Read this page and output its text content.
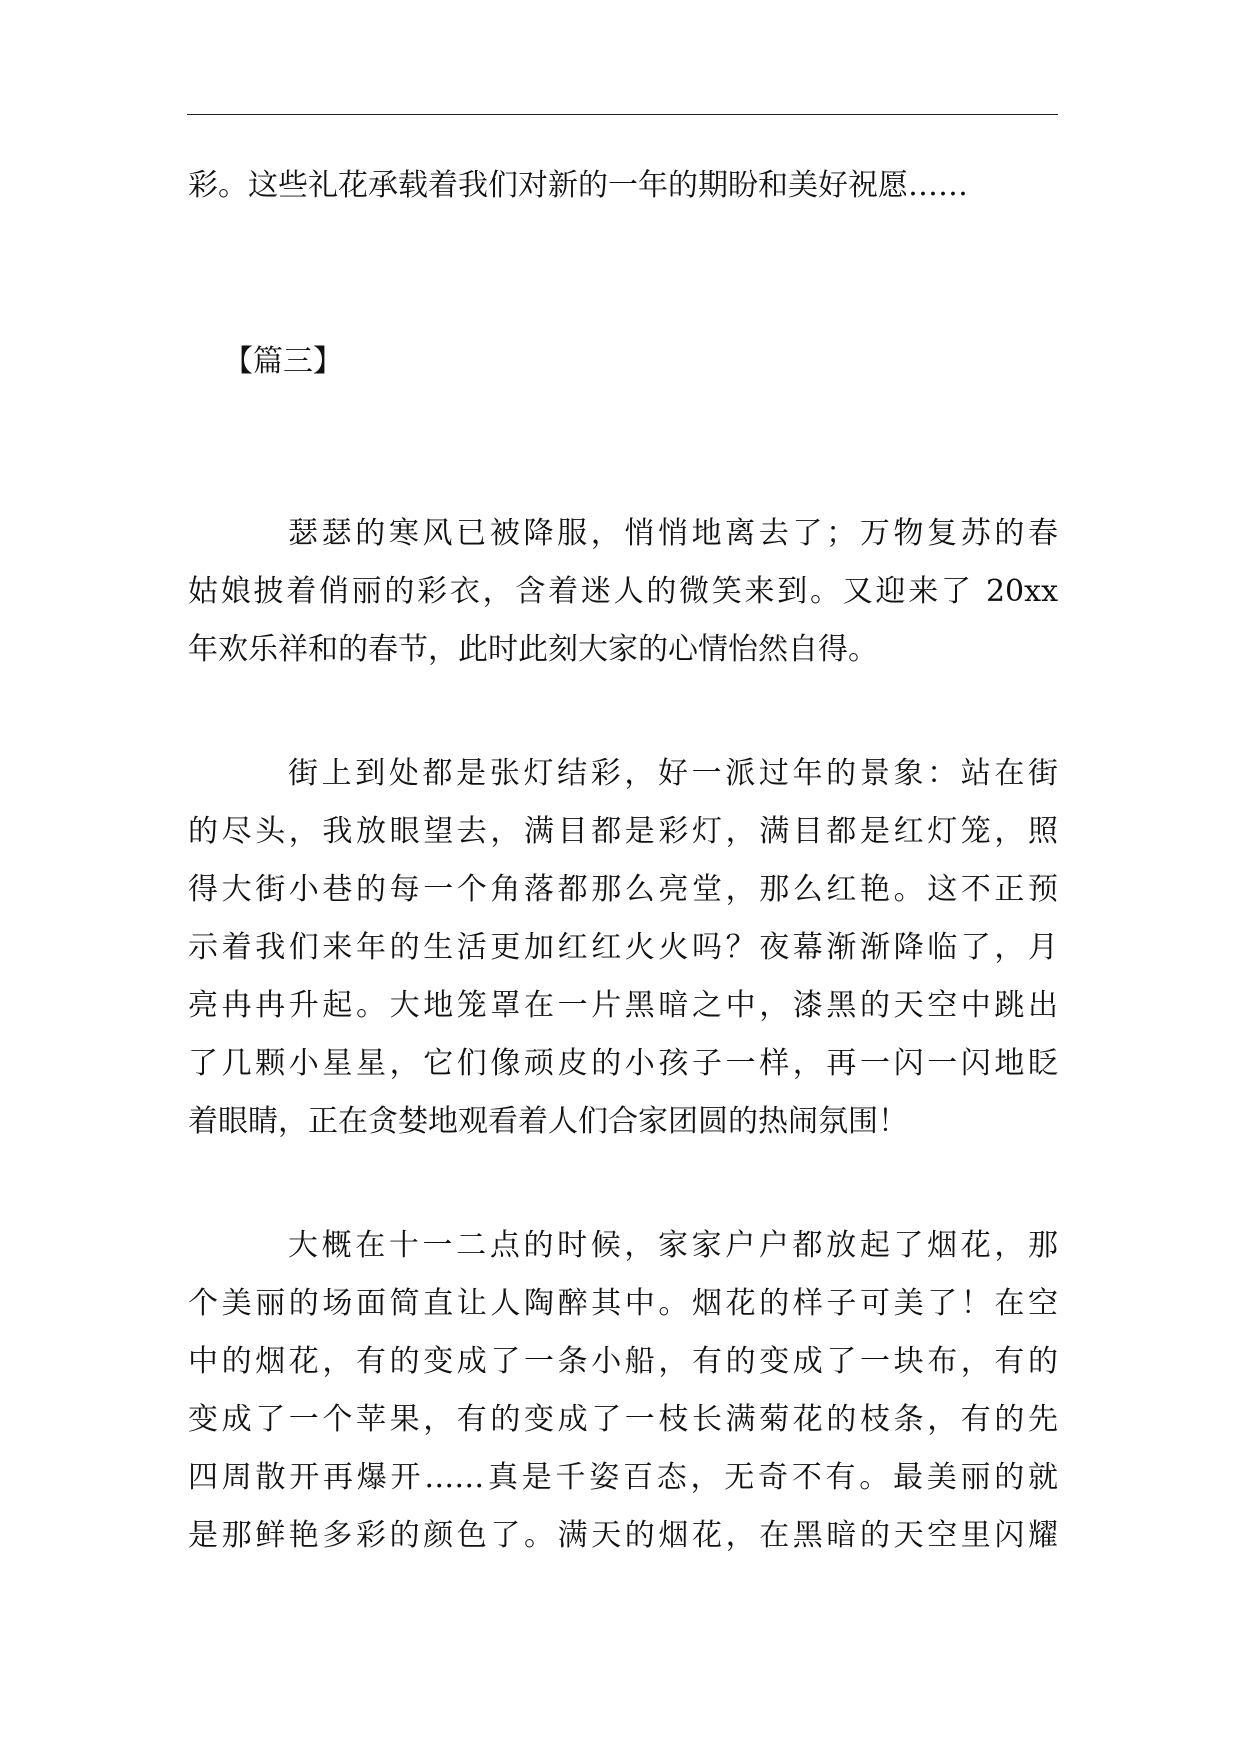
彩。这些礼花承载着我们对新的一年的期盼和美好祝愿……
【篇三】
瑟瑟的寒风已被降服，悄悄地离去了；万物复苏的春
姑娘披着俏丽的彩衣，含着迷人的微笑来到。又迎来了 20xx
年欢乐祥和的春节，此时此刻大家的心情怡然自得。
街上到处都是张灯结彩，好一派过年的景象：站在街
的尽头，我放眼望去，满目都是彩灯，满目都是红灯笼，照
得大街小巷的每一个角落都那么亮堂，那么红艳。这不正预
示着我们来年的生活更加红红火火吗？夜幕渐渐降临了，月
亮冉冉升起。大地笼罩在一片黑暗之中，漆黑的天空中跳出
了几颗小星星，它们像顽皮的小孩子一样，再一闪一闪地眨
着眼睛，正在贪婪地观看着人们合家团圆的热闹氛围！
大概在十一二点的时候，家家户户都放起了烟花，那
个美丽的场面简直让人陶醉其中。烟花的样子可美了！在空
中的烟花，有的变成了一条小船，有的变成了一块布，有的
变成了一个苹果，有的变成了一枝长满菊花的枝条，有的先
四周散开再爆开……真是千姿百态，无奇不有。最美丽的就
是那鲜艳多彩的颜色了。满天的烟花，在黑暗的天空里闪耀
